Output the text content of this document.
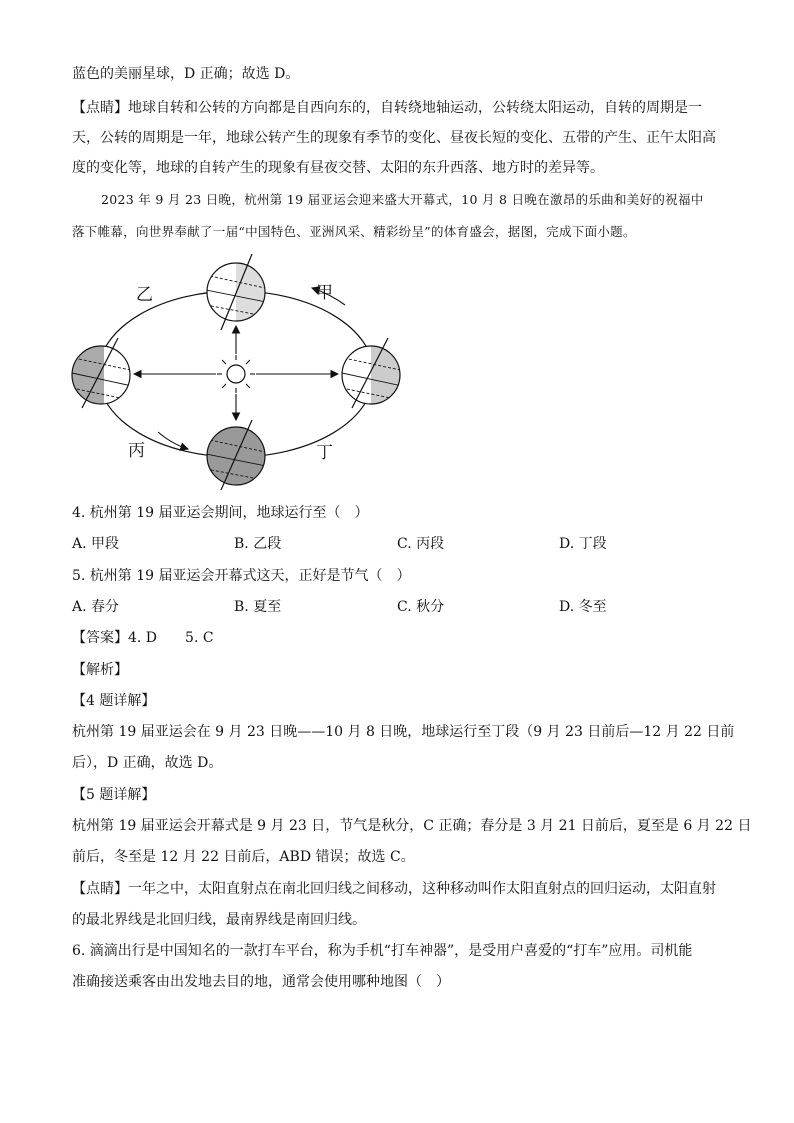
蓝色的美丽星球，D 正确；故选 D。
【点睛】地球自转和公转的方向都是自西向东的，自转绕地轴运动，公转绕太阳运动，自转的周期是一
天，公转的周期是一年，地球公转产生的现象有季节的变化、昼夜长短的变化、五带的产生、正午太阳高
度的变化等，地球的自转产生的现象有昼夜交替、太阳的东升西落、地方时的差异等。
2023 年 9 月 23 日晚，杭州第 19 届亚运会迎来盛大开幕式，10 月 8 日晚在激昂的乐曲和美好的祝福中
落下帷幕，向世界奉献了一届“中国特色、亚洲风采、精彩纷呈”的体育盛会，据图，完成下面小题。
乙	甲
丙	丁
4. 杭州第 19 届亚运会期间，地球运行至（　）
A. 甲段	B. 乙段	C. 丙段	D. 丁段
5. 杭州第 19 届亚运会开幕式这天，正好是节气（　）
A. 春分	B. 夏至	C. 秋分	D. 冬至
【答案】4. D　　5. C
【解析】
【4 题详解】
杭州第 19 届亚运会在 9 月 23 日晚——10 月 8 日晚，地球运行至丁段（9 月 23 日前后—12 月 22 日前
后），D 正确，故选 D。
【5 题详解】
杭州第 19 届亚运会开幕式是 9 月 23 日，节气是秋分，C 正确；春分是 3 月 21 日前后，夏至是 6 月 22 日
前后，冬至是 12 月 22 日前后，ABD 错误；故选 C。
【点睛】一年之中，太阳直射点在南北回归线之间移动，这种移动叫作太阳直射点的回归运动，太阳直射
的最北界线是北回归线，最南界线是南回归线。
6. 滴滴出行是中国知名的一款打车平台，称为手机“打车神器”，是受用户喜爱的“打车”应用。司机能
准确接送乘客由出发地去目的地，通常会使用哪种地图（　）
